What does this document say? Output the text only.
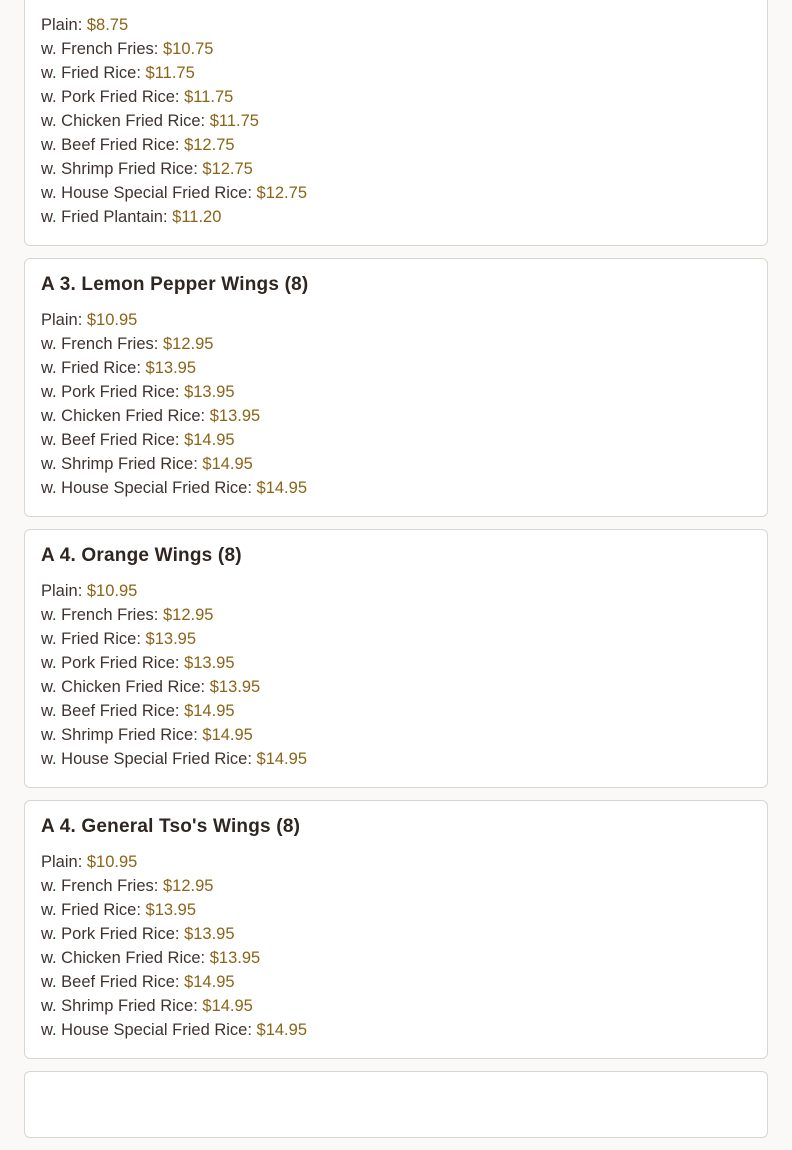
Plain: $8.75
w. French Fries: $10.75
w. Fried Rice: $11.75
w. Pork Fried Rice: $11.75
w. Chicken Fried Rice: $11.75
w. Beef Fried Rice: $12.75
w. Shrimp Fried Rice: $12.75
w. House Special Fried Rice: $12.75
w. Fried Plantain: $11.20
A 3. Lemon Pepper Wings (8)
Plain: $10.95
w. French Fries: $12.95
w. Fried Rice: $13.95
w. Pork Fried Rice: $13.95
w. Chicken Fried Rice: $13.95
w. Beef Fried Rice: $14.95
w. Shrimp Fried Rice: $14.95
w. House Special Fried Rice: $14.95
A 4. Orange Wings (8)
Plain: $10.95
w. French Fries: $12.95
w. Fried Rice: $13.95
w. Pork Fried Rice: $13.95
w. Chicken Fried Rice: $13.95
w. Beef Fried Rice: $14.95
w. Shrimp Fried Rice: $14.95
w. House Special Fried Rice: $14.95
A 4. General Tso's Wings (8)
Plain: $10.95
w. French Fries: $12.95
w. Fried Rice: $13.95
w. Pork Fried Rice: $13.95
w. Chicken Fried Rice: $13.95
w. Beef Fried Rice: $14.95
w. Shrimp Fried Rice: $14.95
w. House Special Fried Rice: $14.95
